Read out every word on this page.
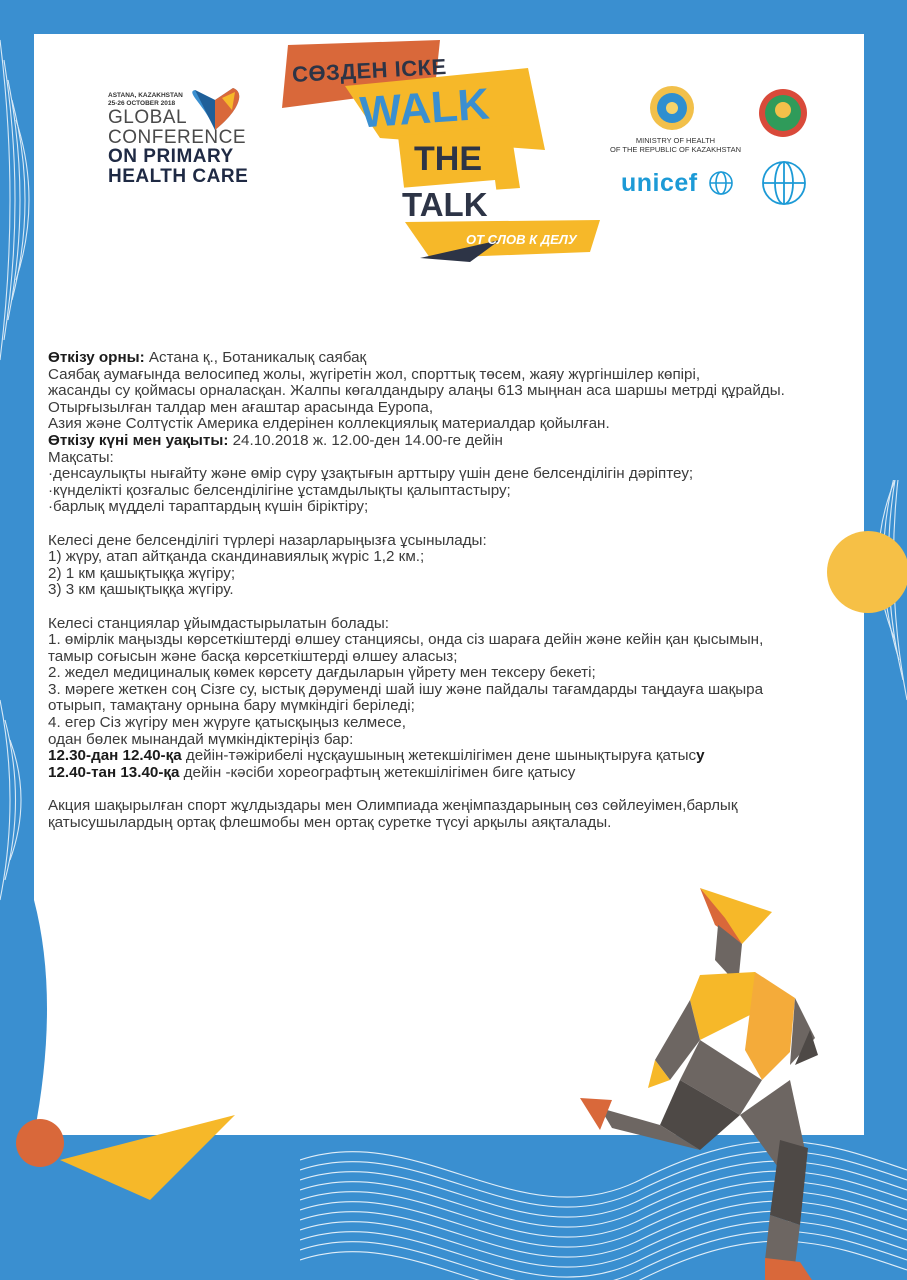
СӨЗДЕН ІСКЕ
WALK
THE
TALK
ОТ СЛОВ К ДЕЛУ
ASTANA, KAZAKHSTAN
25-26 OCTOBER 2018
GLOBAL
CONFERENCE
ON PRIMARY
HEALTH CARE
MINISTRY OF HEALTH
OF THE REPUBLIC OF KAZAKHSTAN
unicef

Өткізу орны: Астана қ., Ботаникалық саябақ

Саябақ аумағында велосипед жолы, жүгіретін жол, спорттық төсем, жаяу жүргіншілер көпірі,

жасанды су қоймасы орналасқан. Жалпы көгалдандыру алаңы 613 мыңнан аса шаршы метрді құрайды.

Отырғызылған талдар мен ағаштар арасында Еуропа,

Азия және Солтүстік Америка елдерінен коллекциялық материалдар қойылған.

Өткізу күні мен уақыты: 24.10.2018 ж. 12.00-ден 14.00-ге дейін

Мақсаты:

·денсаулықты нығайту және өмір сүру ұзақтығын арттыру үшін дене белсенділігін дәріптеу;

·күнделікті қозғалыс белсенділігіне ұстамдылықты қалыптастыру;

·барлық мүдделі тараптардың күшін біріктіру;

Келесі дене белсенділігі түрлері назарларыңызға ұсынылады:

1) жүру, атап айтқанда скандинавиялық жүріс 1,2 км.;

2) 1 км қашықтыққа жүгіру;

3) 3 км қашықтыққа жүгіру.

Келесі станциялар ұйымдастырылатын болады:

1. өмірлік маңызды көрсеткіштерді өлшеу станциясы, онда сіз шараға дейін және кейін қан қысымын,

тамыр соғысын және басқа көрсеткіштерді өлшеу аласыз;

2. жедел медициналық көмек көрсету дағдыларын үйрету мен тексеру бекеті;

3. мәреге жеткен соң Сізге су, ыстық дәруменді шай ішу және пайдалы тағамдарды таңдауға шақыра

отырып, тамақтану орнына бару мүмкіндігі беріледі;

4. егер Сіз жүгіру мен жүруге қатысқыңыз келмесе,

одан бөлек мынандай мүмкіндіктеріңіз бар:

12.30-дан 12.40-қа дейін-тәжірибелі нұсқаушының жетекшілігімен дене шынықтыруға қатысу

12.40-тан 13.40-қа дейін -кәсіби хореографтың жетекшілігімен биге қатысу

Акция шақырылған спорт жұлдыздары мен Олимпиада жеңімпаздарының сөз сөйлеуімен,барлық

қатысушылардың ортақ флешмобы мен ортақ суретке түсуі арқылы аяқталады.
